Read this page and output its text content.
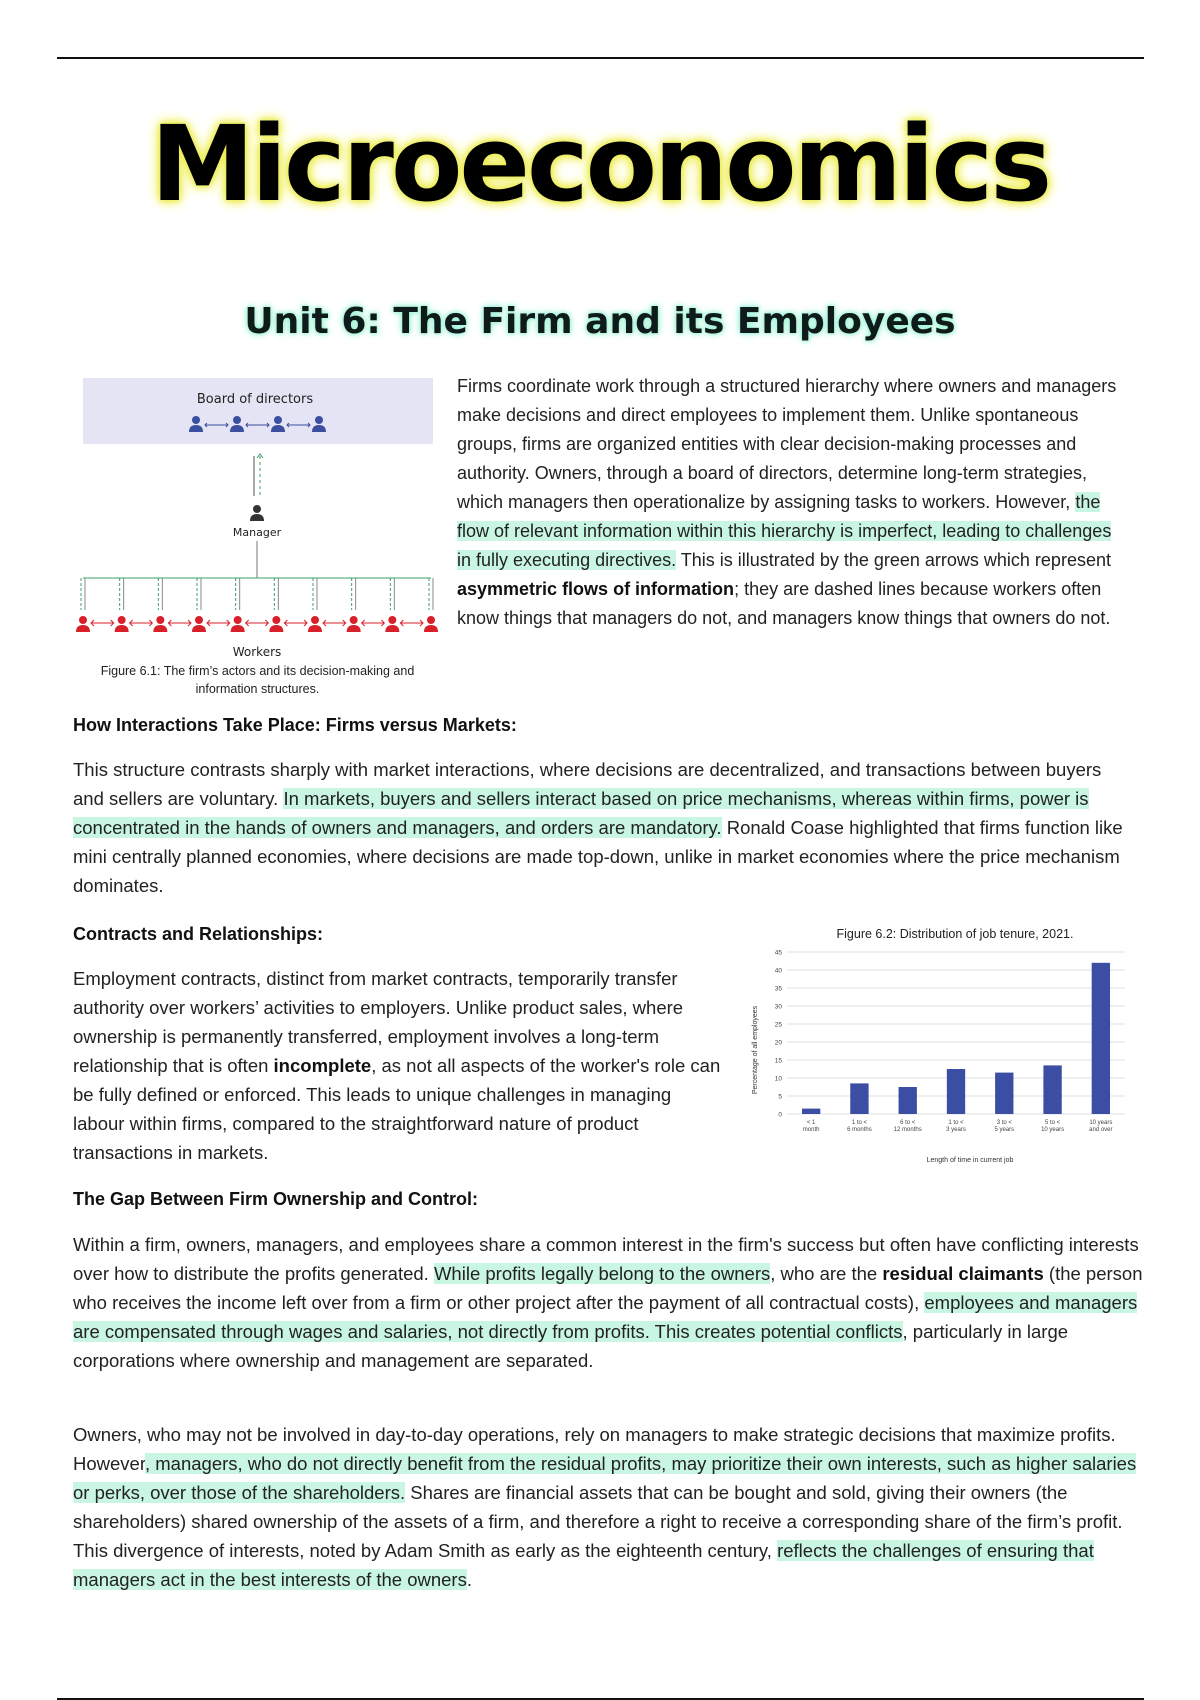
Microeconomics
Unit 6: The Firm and its Employees
Board of directors
Manager
Workers
Figure 6.1: The firm’s actors and its decision-making and information structures.
Firms coordinate work through a structured hierarchy where owners and managers make decisions and direct employees to implement them. Unlike spontaneous groups, firms are organized entities with clear decision-making processes and authority. Owners, through a board of directors, determine long-term strategies, which managers then operationalize by assigning tasks to workers. However, the flow of relevant information within this hierarchy is imperfect, leading to challenges in fully executing directives. This is illustrated by the green arrows which represent asymmetric flows of information; they are dashed lines because workers often know things that managers do not, and managers know things that owners do not.
How Interactions Take Place: Firms versus Markets:
This structure contrasts sharply with market interactions, where decisions are decentralized, and transactions between buyers and sellers are voluntary. In markets, buyers and sellers interact based on price mechanisms, whereas within firms, power is concentrated in the hands of owners and managers, and orders are mandatory. Ronald Coase highlighted that firms function like mini centrally planned economies, where decisions are made top-down, unlike in market economies where the price mechanism dominates.
Contracts and Relationships:
Employment contracts, distinct from market contracts, temporarily transfer authority over workers’ activities to employers. Unlike product sales, where ownership is permanently transferred, employment involves a long-term relationship that is often incomplete, as not all aspects of the worker's role can be fully defined or enforced. This leads to unique challenges in managing labour within firms, compared to the straightforward nature of product transactions in markets.
Figure 6.2: Distribution of job tenure, 2021.
0
5
10
15
20
25
30
35
40
45
< 1 month
1 to < 6 months
6 to < 12 months
1 to < 3 years
3 to < 5 years
5 to < 10 years
10 years and over
Percentage of all employees
Length of time in current job
The Gap Between Firm Ownership and Control:
Within a firm, owners, managers, and employees share a common interest in the firm's success but often have conflicting interests over how to distribute the profits generated. While profits legally belong to the owners, who are the residual claimants (the person who receives the income left over from a firm or other project after the payment of all contractual costs), employees and managers are compensated through wages and salaries, not directly from profits. This creates potential conflicts, particularly in large corporations where ownership and management are separated.
Owners, who may not be involved in day-to-day operations, rely on managers to make strategic decisions that maximize profits. However, managers, who do not directly benefit from the residual profits, may prioritize their own interests, such as higher salaries or perks, over those of the shareholders. Shares are financial assets that can be bought and sold, giving their owners (the shareholders) shared ownership of the assets of a firm, and therefore a right to receive a corresponding share of the firm’s profit. This divergence of interests, noted by Adam Smith as early as the eighteenth century, reflects the challenges of ensuring that managers act in the best interests of the owners.
